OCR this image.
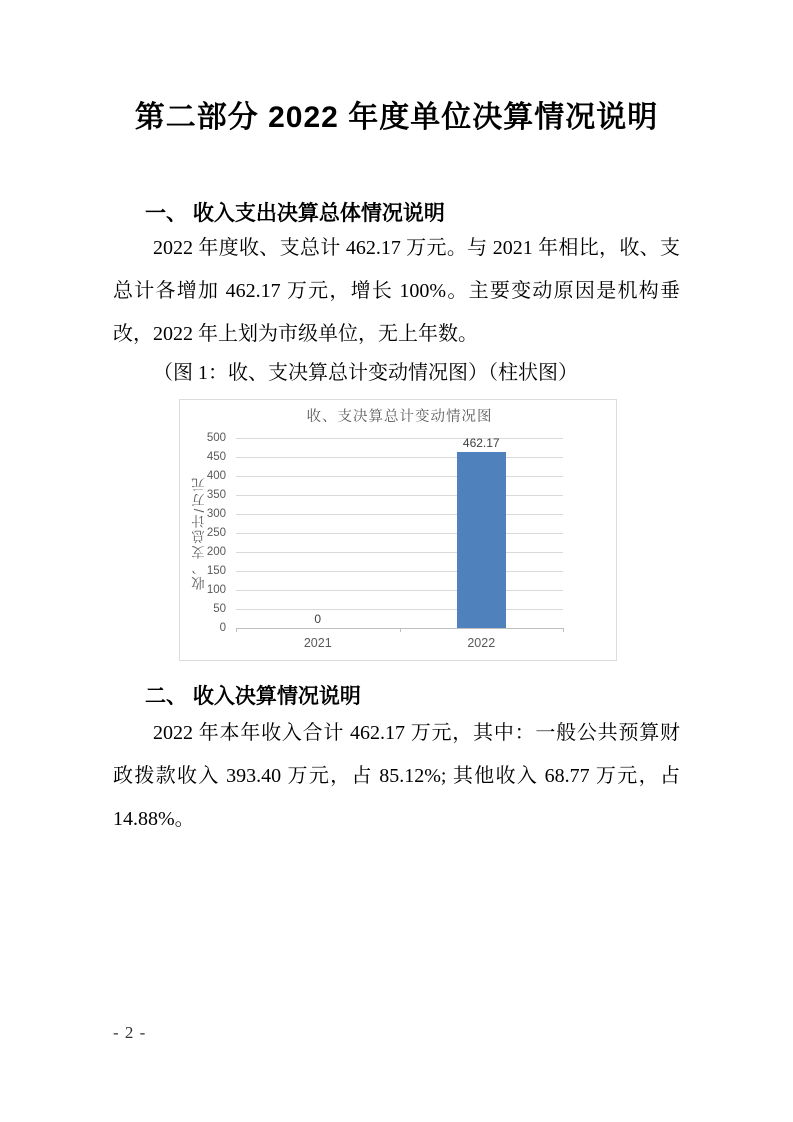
第二部分 2022 年度单位决算情况说明
一、 收入支出决算总体情况说明
2022 年度收、支总计 462.17 万元。与 2021 年相比，收、支总计各增加 462.17 万元，增长 100%。主要变动原因是机构垂改，2022 年上划为市级单位，无上年数。
（图 1：收、支决算总计变动情况图）（柱状图）
收、支决算总计变动情况图
收、支总计/万元
0
50
100
150
200
250
300
350
400
450
500
0
2021
462.17
2022
二、 收入决算情况说明
2022 年本年收入合计 462.17 万元，其中：一般公共预算财政拨款收入 393.40 万元，占 85.12%; 其他收入 68.77 万元，占 14.88%。
- 2 -
